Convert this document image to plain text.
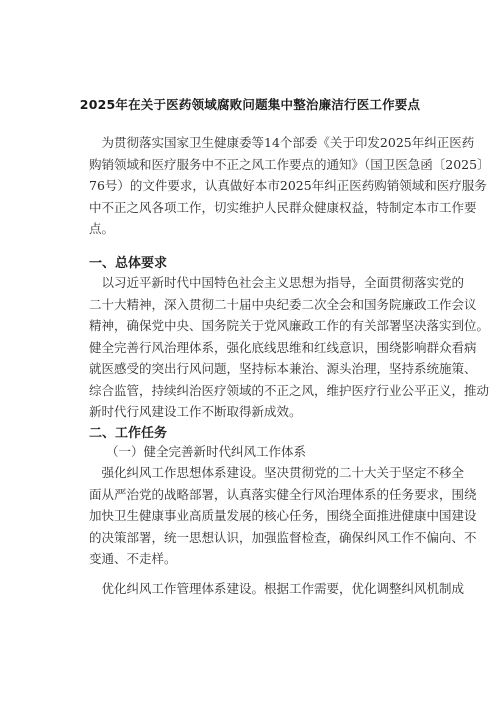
2025年在关于医药领域腐败问题集中整治廉洁行医工作要点
　为贯彻落实国家卫生健康委等14个部委《关于印发2025年纠正医药
购销领域和医疗服务中不正之风工作要点的通知》（国卫医急函〔2025〕
76号）的文件要求，认真做好本市2025年纠正医药购销领域和医疗服务
中不正之风各项工作，切实维护人民群众健康权益，特制定本市工作要
点。
一、总体要求
　以习近平新时代中国特色社会主义思想为指导，全面贯彻落实党的
二十大精神，深入贯彻二十届中央纪委二次全会和国务院廉政工作会议
精神，确保党中央、国务院关于党风廉政工作的有关部署坚决落实到位。
健全完善行风治理体系，强化底线思维和红线意识，围绕影响群众看病
就医感受的突出行风问题，坚持标本兼治、源头治理，坚持系统施策、
综合监管，持续纠治医疗领域的不正之风，维护医疗行业公平正义，推动
新时代行风建设工作不断取得新成效。
二、工作任务
（一）健全完善新时代纠风工作体系
　强化纠风工作思想体系建设。坚决贯彻党的二十大关于坚定不移全
面从严治党的战略部署，认真落实健全行风治理体系的任务要求，围绕
加快卫生健康事业高质量发展的核心任务，围绕全面推进健康中国建设
的决策部署，统一思想认识，加强监督检查，确保纠风工作不偏向、不
变通、不走样。
　优化纠风工作管理体系建设。根据工作需要，优化调整纠风机制成
